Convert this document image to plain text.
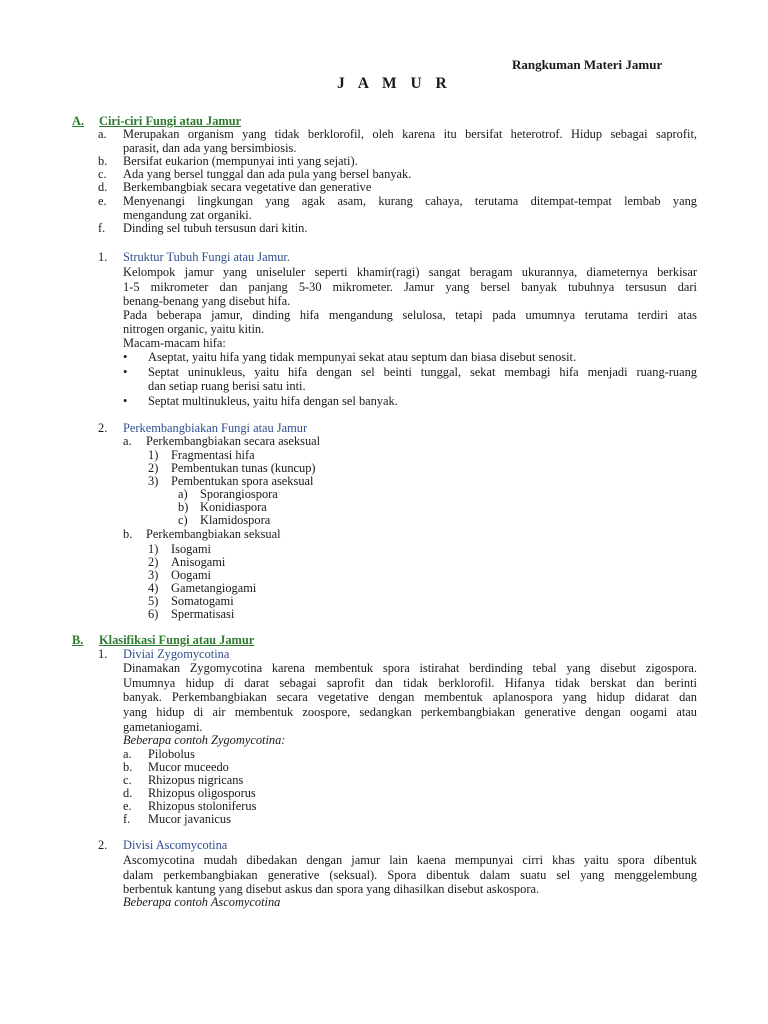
Rangkuman Materi Jamur
J A M U R
A. Ciri-ciri Fungi atau Jamur
a. Merupakan organism yang tidak berklorofil, oleh karena itu bersifat heterotrof. Hidup sebagai saprofit,
parasit, dan ada yang bersimbiosis.
b. Bersifat eukarion (mempunyai inti yang sejati).
c. Ada yang bersel tunggal dan ada pula yang bersel banyak.
d. Berkembangbiak secara vegetative dan generative
e. Menyenangi lingkungan yang agak asam, kurang cahaya, terutama ditempat-tempat lembab yang
mengandung zat organiki.
f. Dinding sel tubuh tersusun dari kitin.
1. Struktur Tubuh Fungi atau Jamur.
Kelompok jamur yang uniseluler seperti khamir(ragi) sangat beragam ukurannya, diameternya berkisar
1-5 mikrometer dan panjang 5-30 mikrometer. Jamur yang bersel banyak tubuhnya tersusun dari
benang-benang yang disebut hifa.
Pada beberapa jamur, dinding hifa mengandung selulosa, tetapi pada umumnya terutama terdiri atas
nitrogen organic, yaitu kitin.
Macam-macam hifa:
• Aseptat, yaitu hifa yang tidak mempunyai sekat atau septum dan biasa disebut senosit.
• Septat uninukleus, yaitu hifa dengan sel beinti tunggal, sekat membagi hifa menjadi ruang-ruang
dan setiap ruang berisi satu inti.
• Septat multinukleus, yaitu hifa dengan sel banyak.
2. Perkembangbiakan Fungi atau Jamur
a. Perkembangbiakan secara aseksual
1) Fragmentasi hifa
2) Pembentukan tunas (kuncup)
3) Pembentukan spora aseksual
a) Sporangiospora
b) Konidiaspora
c) Klamidospora
b. Perkembangbiakan seksual
1) Isogami
2) Anisogami
3) Oogami
4) Gametangiogami
5) Somatogami
6) Spermatisasi
B. Klasifikasi Fungi atau Jamur
1. Diviai Zygomycotina
Dinamakan Zygomycotina karena membentuk spora istirahat berdinding tebal yang disebut zigospora.
Umumnya hidup di darat sebagai saprofit dan tidak berklorofil. Hifanya tidak berskat dan berinti
banyak. Perkembangbiakan secara vegetative dengan membentuk aplanospora yang hidup didarat dan
yang hidup di air membentuk zoospore, sedangkan perkembangbiakan generative dengan oogami atau
gametaniogami.
Beberapa contoh Zygomycotina:
a. Pilobolus
b. Mucor muceedo
c. Rhizopus nigricans
d. Rhizopus oligosporus
e. Rhizopus stoloniferus
f. Mucor javanicus
2. Divisi Ascomycotina
Ascomycotina mudah dibedakan dengan jamur lain kaena mempunyai cirri khas yaitu spora dibentuk
dalam perkembangbiakan generative (seksual). Spora dibentuk dalam suatu sel yang menggelembung
berbentuk kantung yang disebut askus dan spora yang dihasilkan disebut askospora.
Beberapa contoh Ascomycotina
